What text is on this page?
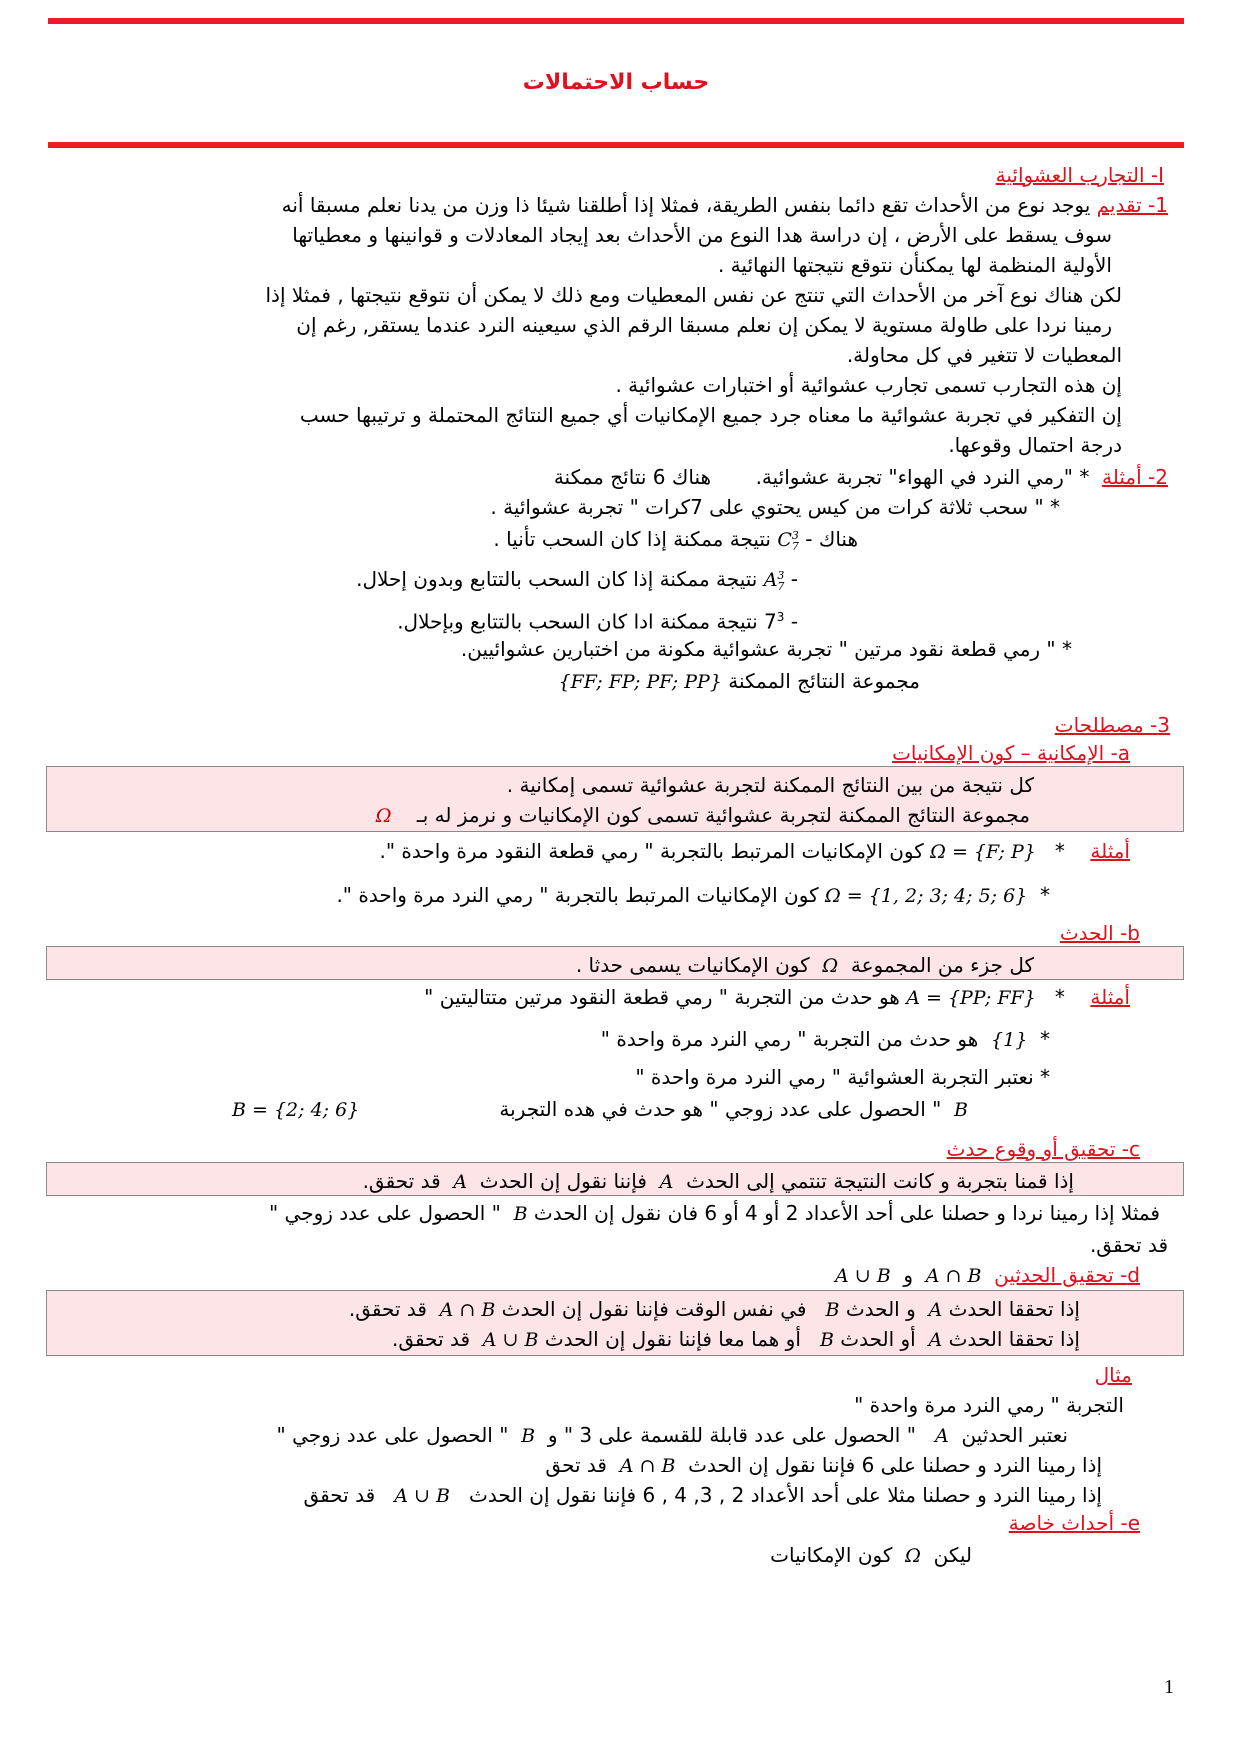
حساب الاحتمالات
I- التجارب العشوائية
1- تقديم يوجد نوع من الأحداث تقع دائما بنفس الطريقة، فمثلا إذا أطلقنا شيئا ذا وزن من يدنا نعلم مسبقا أنه
سوف يسقط على الأرض ، إن دراسة هدا النوع من الأحداث بعد إيجاد المعادلات و قوانينها و معطياتها
الأولية المنظمة لها يمكنأن نتوقع نتيجتها النهائية .
لكن هناك نوع آخر من الأحداث التي تنتج عن نفس المعطيات ومع ذلك لا يمكن أن نتوقع نتيجتها , فمثلا إذا
رمينا نردا على طاولة مستوية لا يمكن إن نعلم مسبقا الرقم الذي سيعينه النرد عندما يستقر, رغم إن
المعطيات لا تتغير في كل محاولة.
إن هذه التجارب تسمى تجارب عشوائية أو اختبارات عشوائية .
إن التفكير في تجربة عشوائية ما معناه جرد جميع الإمكانيات أي جميع النتائج المحتملة و ترتيبها حسب
درجة احتمال وقوعها.
2- أمثلة  * "رمي النرد في الهواء" تجربة عشوائية.       هناك 6 نتائج ممكنة
* " سحب ثلاثة كرات من كيس يحتوي على 7كرات " تجربة عشوائية .
هناك - C 3
7
نتيجة ممكنة إذا كان السحب تأنيا .
- A 3
7
نتيجة ممكنة إذا كان السحب بالتتابع وبدون إحلال.
- $7^3$ نتيجة ممكنة ادا كان السحب بالتتابع وبإحلال.
* " رمي قطعة نقود مرتين " تجربة عشوائية مكونة من اختبارين عشوائيين.
مجموعة النتائج الممكنة {FF; FP; PF; PP}
3- مصطلحات
a- الإمكانية – كون الإمكانيات
كل نتيجة من بين النتائج الممكنة لتجربة عشوائية تسمى إمكانية .
مجموعة النتائج الممكنة لتجربة عشوائية تسمى كون الإمكانيات و نرمز له بـ    Ω
أمثلة    *   Ω = {F; P} كون الإمكانيات المرتبط بالتجربة " رمي قطعة النقود مرة واحدة ".
*  Ω = {1, 2; 3; 4; 5; 6} كون الإمكانيات المرتبط بالتجربة " رمي النرد مرة واحدة ".
b- الحدث
كل جزء من المجموعة  Ω  كون الإمكانيات يسمى حدثا .
أمثلة    *   A = {PP; FF} هو حدث من التجربة " رمي قطعة النقود مرتين متتاليتين "
*  {1}  هو حدث من التجربة " رمي النرد مرة واحدة "
* نعتبر التجربة العشوائية " رمي النرد مرة واحدة "
B  " الحصول على عدد زوجي " هو حدث في هده التجربة
B = {2; 4; 6}
c- تحقيق أو وقوع حدث
إذا قمنا بتجربة و كانت النتيجة تنتمي إلى الحدث  A  فإننا نقول إن الحدث  A  قد تحقق.
فمثلا إذا رمينا نردا و حصلنا على أحد الأعداد 2 أو 4 أو 6 فان نقول إن الحدث B  " الحصول على عدد زوجي "
قد تحقق.
d- تحقيق الحدثين  A ∩ B  و  A ∪ B
إذا تحققا الحدث A  و الحدث B   في نفس الوقت فإننا نقول إن الحدث A ∩ B  قد تحقق.
إذا تحققا الحدث A  أو الحدث B   أو هما معا فإننا نقول إن الحدث A ∪ B  قد تحقق.
مثال
التجربة " رمي النرد مرة واحدة "
نعتبر الحدثين  A   " الحصول على عدد قابلة للقسمة على 3 " و  B  " الحصول على عدد زوجي "
إذا رمينا النرد و حصلنا على 6 فإننا نقول إن الحدث  A ∩ B  قد تحق
إذا رمينا النرد و حصلنا مثلا على أحد الأعداد 2 , 3, 4 , 6 فإننا نقول إن الحدث   A ∪ B   قد تحقق
e- أحداث خاصة
ليكن  Ω  كون الإمكانيات
1
